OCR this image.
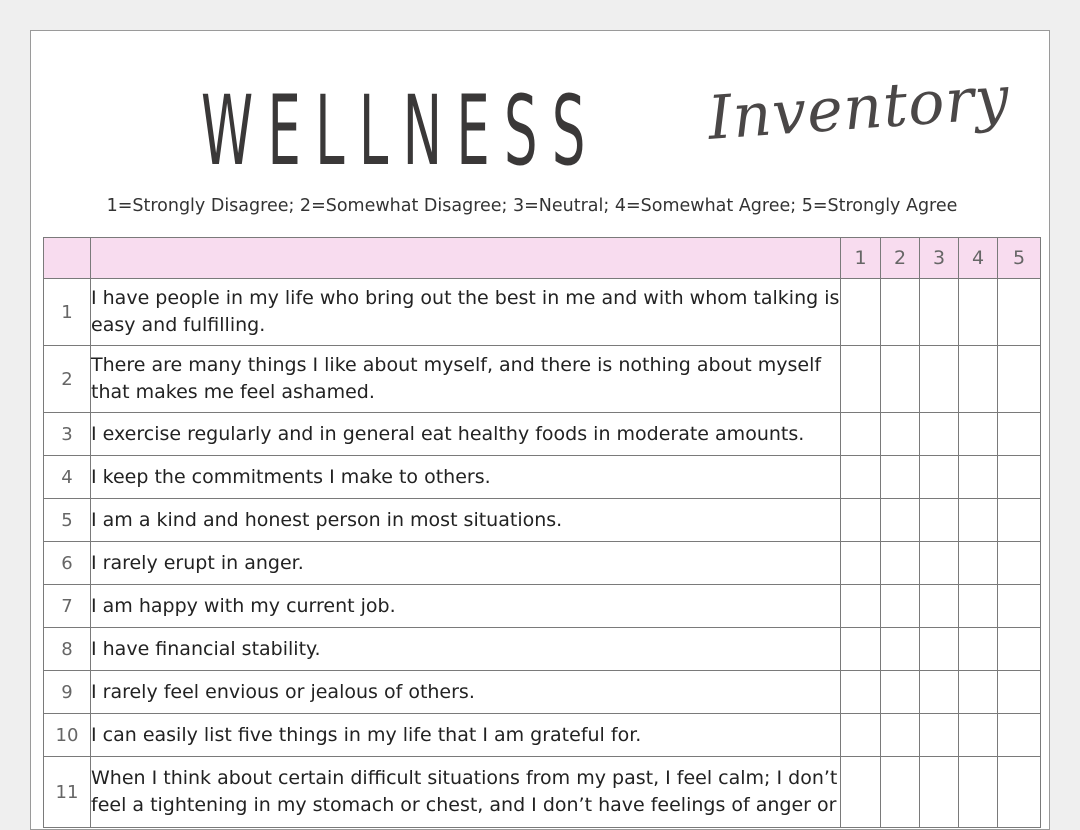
WELLNESS Inventory
1=Strongly Disagree; 2=Somewhat Disagree; 3=Neutral; 4=Somewhat Agree; 5=Strongly Agree
		1	2	3	4	5
1	I have people in my life who bring out the best in me and with whom talking is easy and fulfilling.					
2	There are many things I like about myself, and there is nothing about myself that makes me feel ashamed.					
3	I exercise regularly and in general eat healthy foods in moderate amounts.					
4	I keep the commitments I make to others.					
5	I am a kind and honest person in most situations.					
6	I rarely erupt in anger.					
7	I am happy with my current job.					
8	I have financial stability.					
9	I rarely feel envious or jealous of others.					
10	I can easily list five things in my life that I am grateful for.					
11	When I think about certain difficult situations from my past, I feel calm; I don’t feel a tightening in my stomach or chest, and I don’t have feelings of anger or					
